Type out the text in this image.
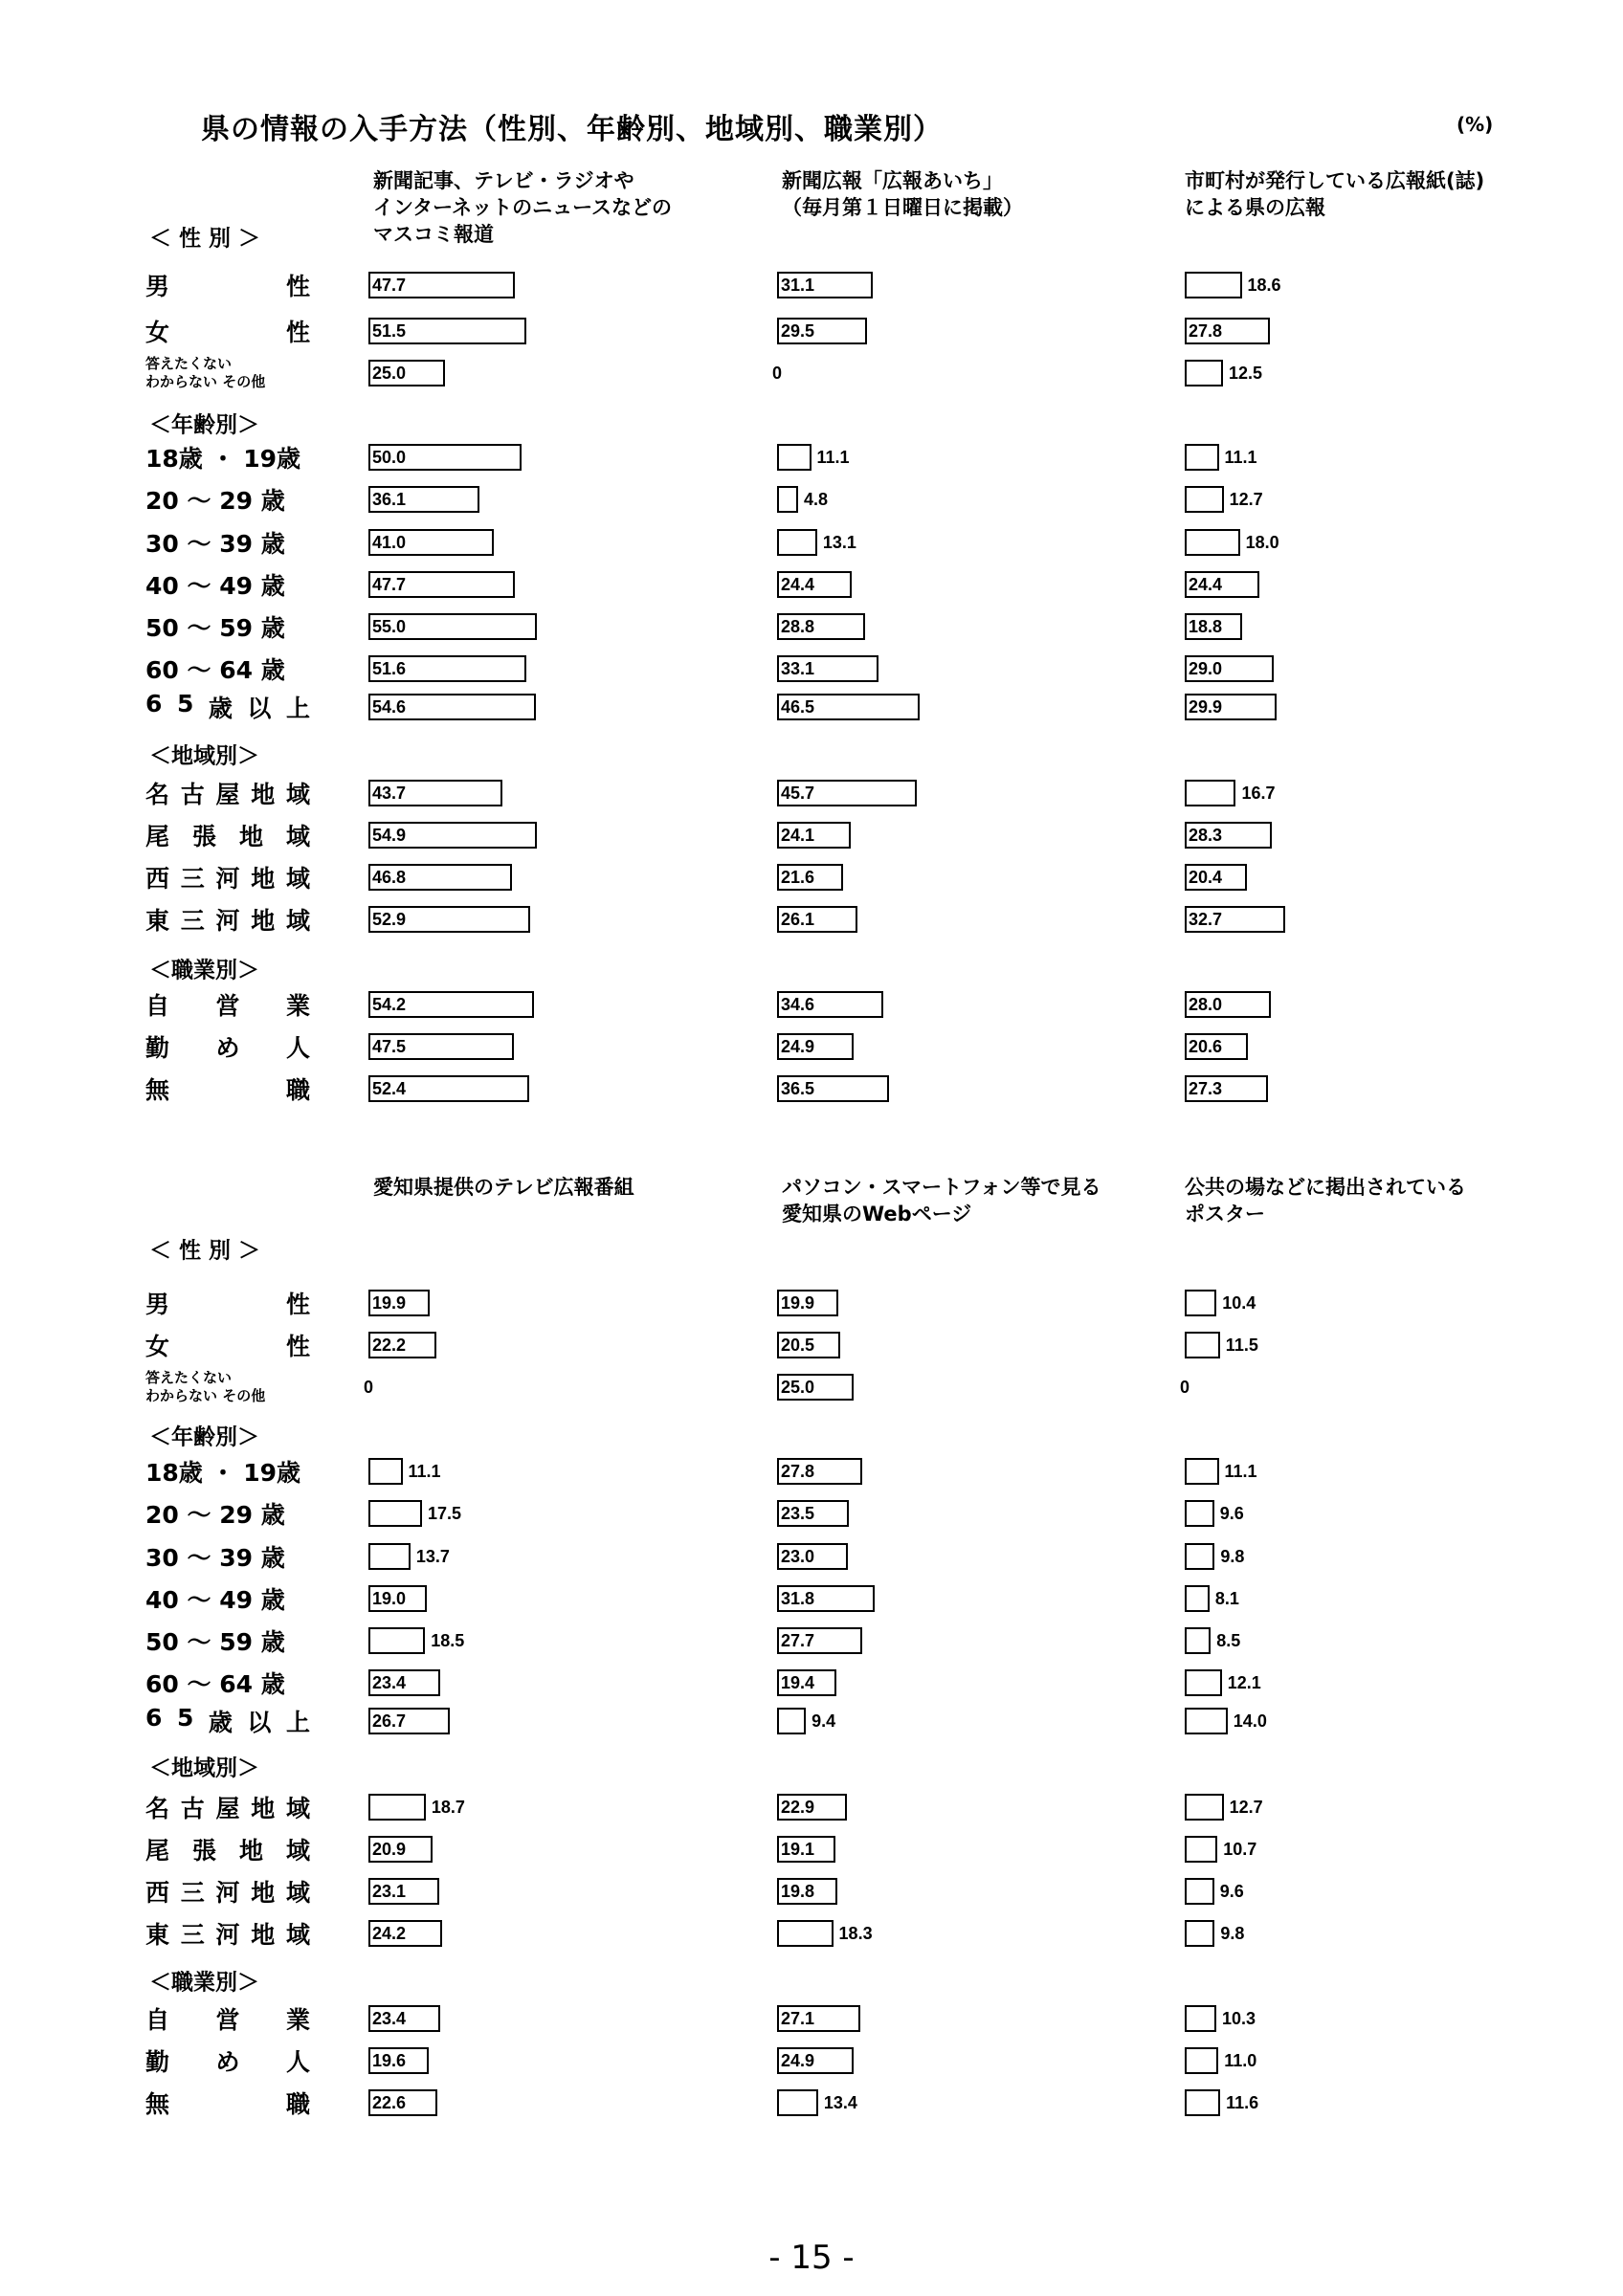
県の情報の入手方法（性別、年齢別、地域別、職業別）	(%)
新聞記事、テレビ・ラジオや
インターネットのニュースなどの
マスコミ報道
新聞広報「広報あいち」
（毎月第１日曜日に掲載）
市町村が発行している広報紙(誌)
による県の広報
＜ 性 別 ＞
男	性	47.7	31.1	18.6
女	性	51.5	29.5	27.8
答えたくない
わからない その他	25.0	0	12.5
＜年齢別＞
18歳 ・ 19歳	50.0	11.1	11.1
20 〜 29 歳	36.1	4.8	12.7
30 〜 39 歳	41.0	13.1	18.0
40 〜 49 歳	47.7	24.4	24.4
50 〜 59 歳	55.0	28.8	18.8
60 〜 64 歳	51.6	33.1	29.0
6 5 歳 以 上	54.6	46.5	29.9
＜地域別＞
名 古 屋 地 域	43.7	45.7	16.7
尾 張 地 域	54.9	24.1	28.3
西 三 河 地 域	46.8	21.6	20.4
東 三 河 地 域	52.9	26.1	32.7
＜職業別＞
自 営 業	54.2	34.6	28.0
勤 め 人	47.5	24.9	20.6
無	職	52.4	36.5	27.3
愛知県提供のテレビ広報番組	パソコン・スマートフォン等で見る
愛知県のWebページ
公共の場などに掲出されている
ポスター
＜ 性 別 ＞
男	性	19.9	19.9	10.4
女	性	22.2	20.5	11.5
答えたくない
わからない その他	0	25.0	0
＜年齢別＞
18歳 ・ 19歳	11.1	27.8	11.1
20 〜 29 歳	17.5	23.5	9.6
30 〜 39 歳	13.7	23.0	9.8
40 〜 49 歳	19.0	31.8	8.1
50 〜 59 歳	18.5	27.7	8.5
60 〜 64 歳	23.4	19.4	12.1
6 5 歳 以 上	26.7	9.4	14.0
＜地域別＞
名 古 屋 地 域	18.7	22.9	12.7
尾 張 地 域	20.9	19.1	10.7
西 三 河 地 域	23.1	19.8	9.6
東 三 河 地 域	24.2	18.3	9.8
＜職業別＞
自 営 業	23.4	27.1	10.3
勤 め 人	19.6	24.9	11.0
無	職	22.6	13.4	11.6
- 15 -
